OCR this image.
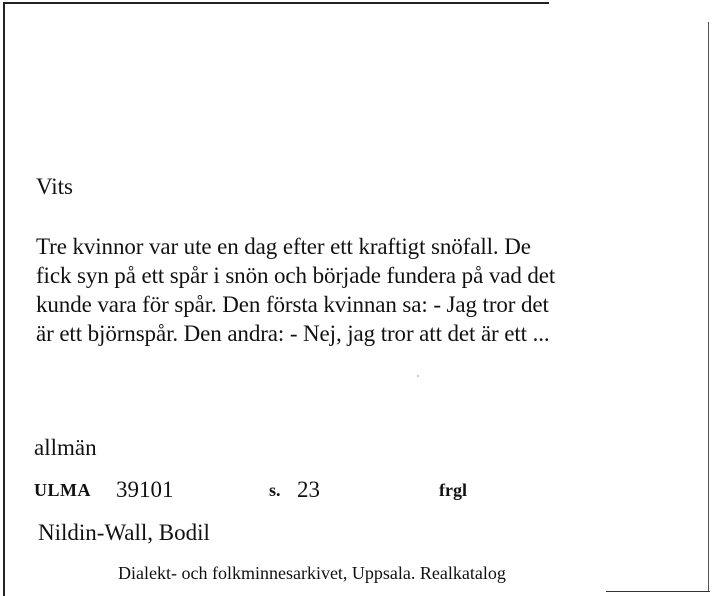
Vits
Tre kvinnor var ute en dag efter ett kraftigt snöfall. De
fick syn på ett spår i snön och började fundera på vad det
kunde vara för spår. Den första kvinnan sa: - Jag tror det
är ett björnspår. Den andra: - Nej, jag tror att det är ett ...
allmän
ULMA 39101	s. 23	frgl
Nildin-Wall, Bodil
Dialekt- och folkminnesarkivet, Uppsala. Realkatalog
